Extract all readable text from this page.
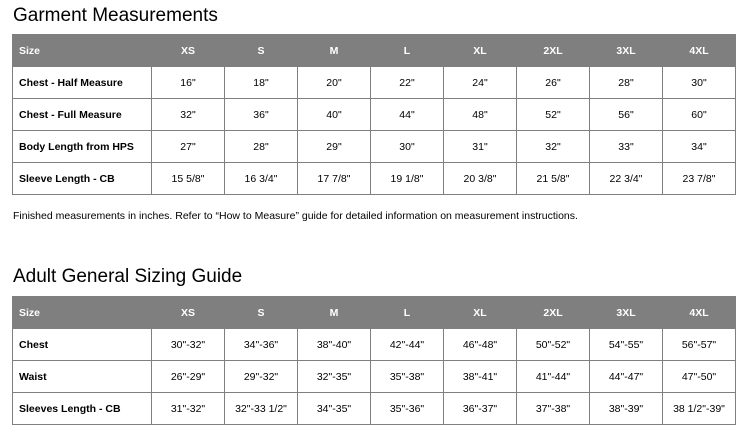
Garment Measurements
Size	XS	S	M	L	XL	2XL	3XL	4XL
Chest - Half Measure	16"	18"	20"	22"	24"	26"	28"	30"
Chest - Full Measure	32"	36"	40"	44"	48"	52"	56"	60"
Body Length from HPS	27"	28"	29"	30"	31"	32"	33"	34"
Sleeve Length - CB	15 5/8"	16 3/4"	17 7/8"	19 1/8"	20 3/8"	21 5/8"	22 3/4"	23 7/8"

Finished measurements in inches. Refer to “How to Measure” guide for detailed information on measurement instructions.

Adult General Sizing Guide
Size	XS	S	M	L	XL	2XL	3XL	4XL
Chest	30"-32"	34"-36"	38"-40"	42"-44"	46"-48"	50"-52"	54"-55"	56"-57"
Waist	26"-29"	29"-32"	32"-35"	35"-38"	38"-41"	41"-44"	44"-47"	47"-50"
Sleeves Length - CB	31"-32"	32"-33 1/2"	34"-35"	35"-36"	36"-37"	37"-38"	38"-39"	38 1/2"-39"
